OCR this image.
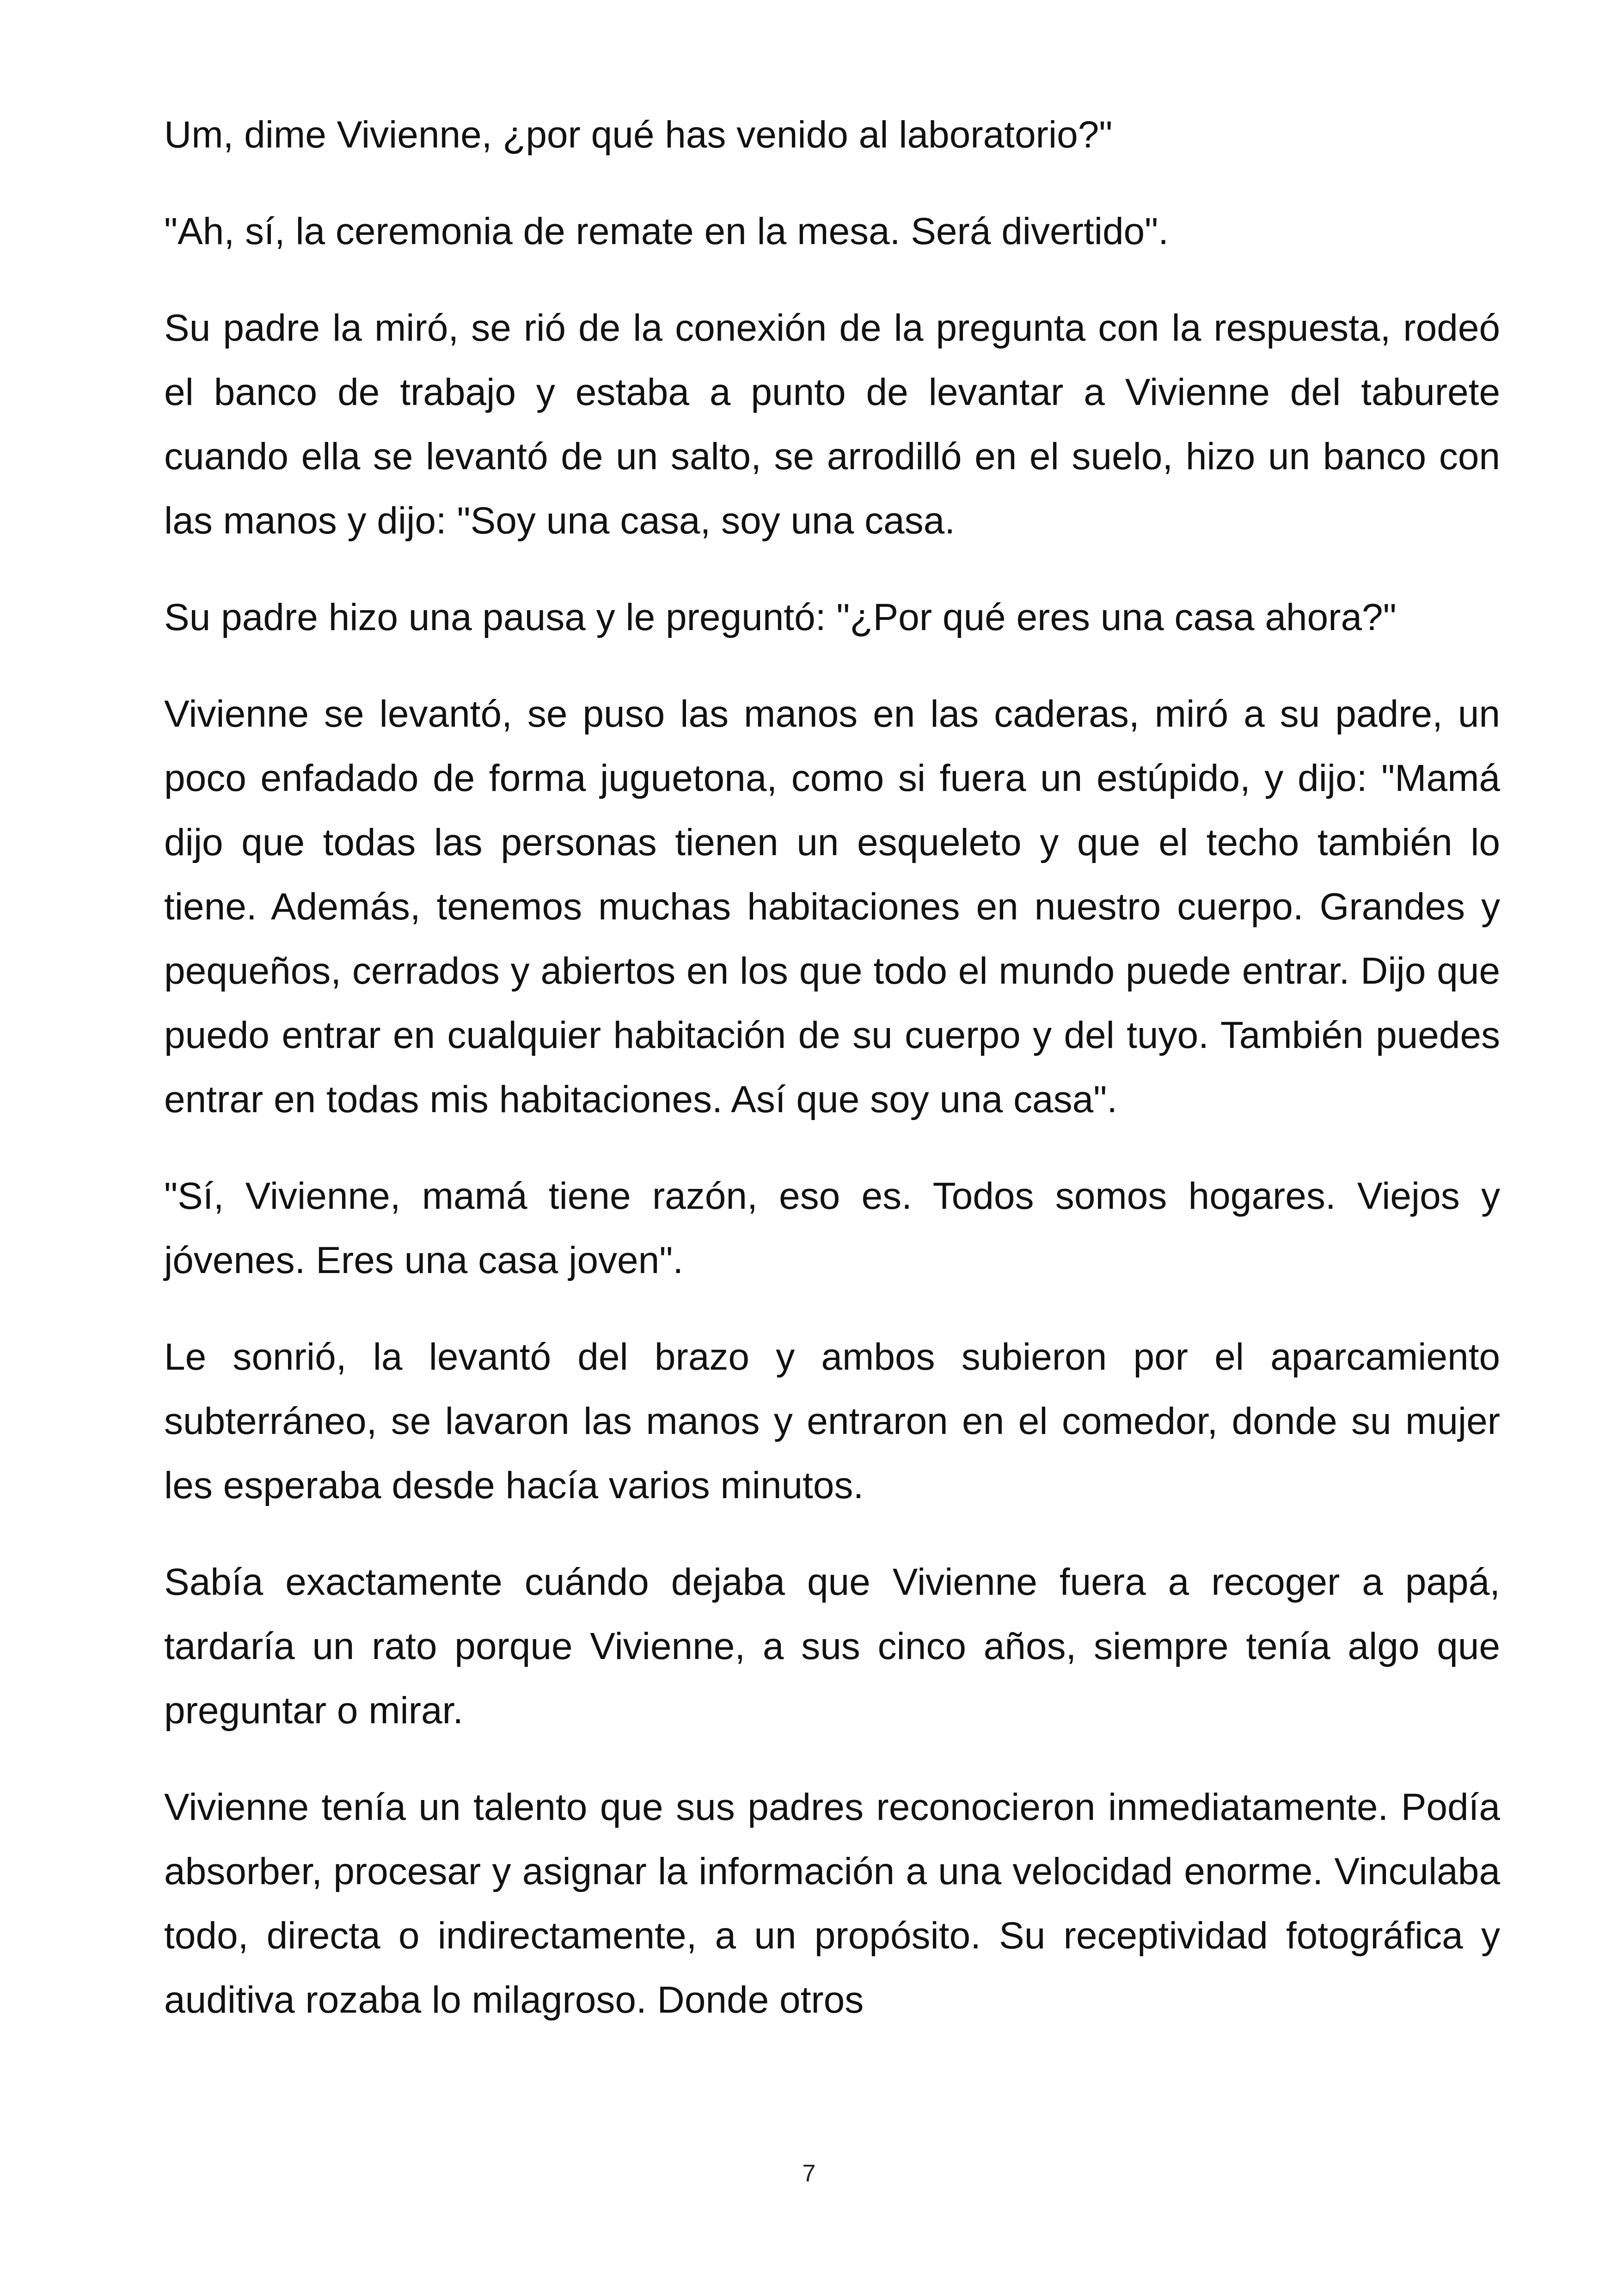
Um, dime Vivienne, ¿por qué has venido al laboratorio?"

"Ah, sí, la ceremonia de remate en la mesa. Será divertido".

Su padre la miró, se rió de la conexión de la pregunta con la respuesta, rodeó el banco de trabajo y estaba a punto de levantar a Vivienne del taburete cuando ella se levantó de un salto, se arrodilló en el suelo, hizo un banco con las manos y dijo: "Soy una casa, soy una casa.

Su padre hizo una pausa y le preguntó: "¿Por qué eres una casa ahora?"

Vivienne se levantó, se puso las manos en las caderas, miró a su padre, un poco enfadado de forma juguetona, como si fuera un estúpido, y dijo: "Mamá dijo que todas las personas tienen un esqueleto y que el techo también lo tiene. Además, tenemos muchas habitaciones en nuestro cuerpo. Grandes y pequeños, cerrados y abiertos en los que todo el mundo puede entrar. Dijo que puedo entrar en cualquier habitación de su cuerpo y del tuyo. También puedes entrar en todas mis habitaciones. Así que soy una casa".

"Sí, Vivienne, mamá tiene razón, eso es. Todos somos hogares. Viejos y jóvenes. Eres una casa joven".

Le sonrió, la levantó del brazo y ambos subieron por el aparcamiento subterráneo, se lavaron las manos y entraron en el comedor, donde su mujer les esperaba desde hacía varios minutos.

Sabía exactamente cuándo dejaba que Vivienne fuera a recoger a papá, tardaría un rato porque Vivienne, a sus cinco años, siempre tenía algo que preguntar o mirar.

Vivienne tenía un talento que sus padres reconocieron inmediatamente. Podía absorber, procesar y asignar la información a una velocidad enorme. Vinculaba todo, directa o indirectamente, a un propósito. Su receptividad fotográfica y auditiva rozaba lo milagroso. Donde otros

7
